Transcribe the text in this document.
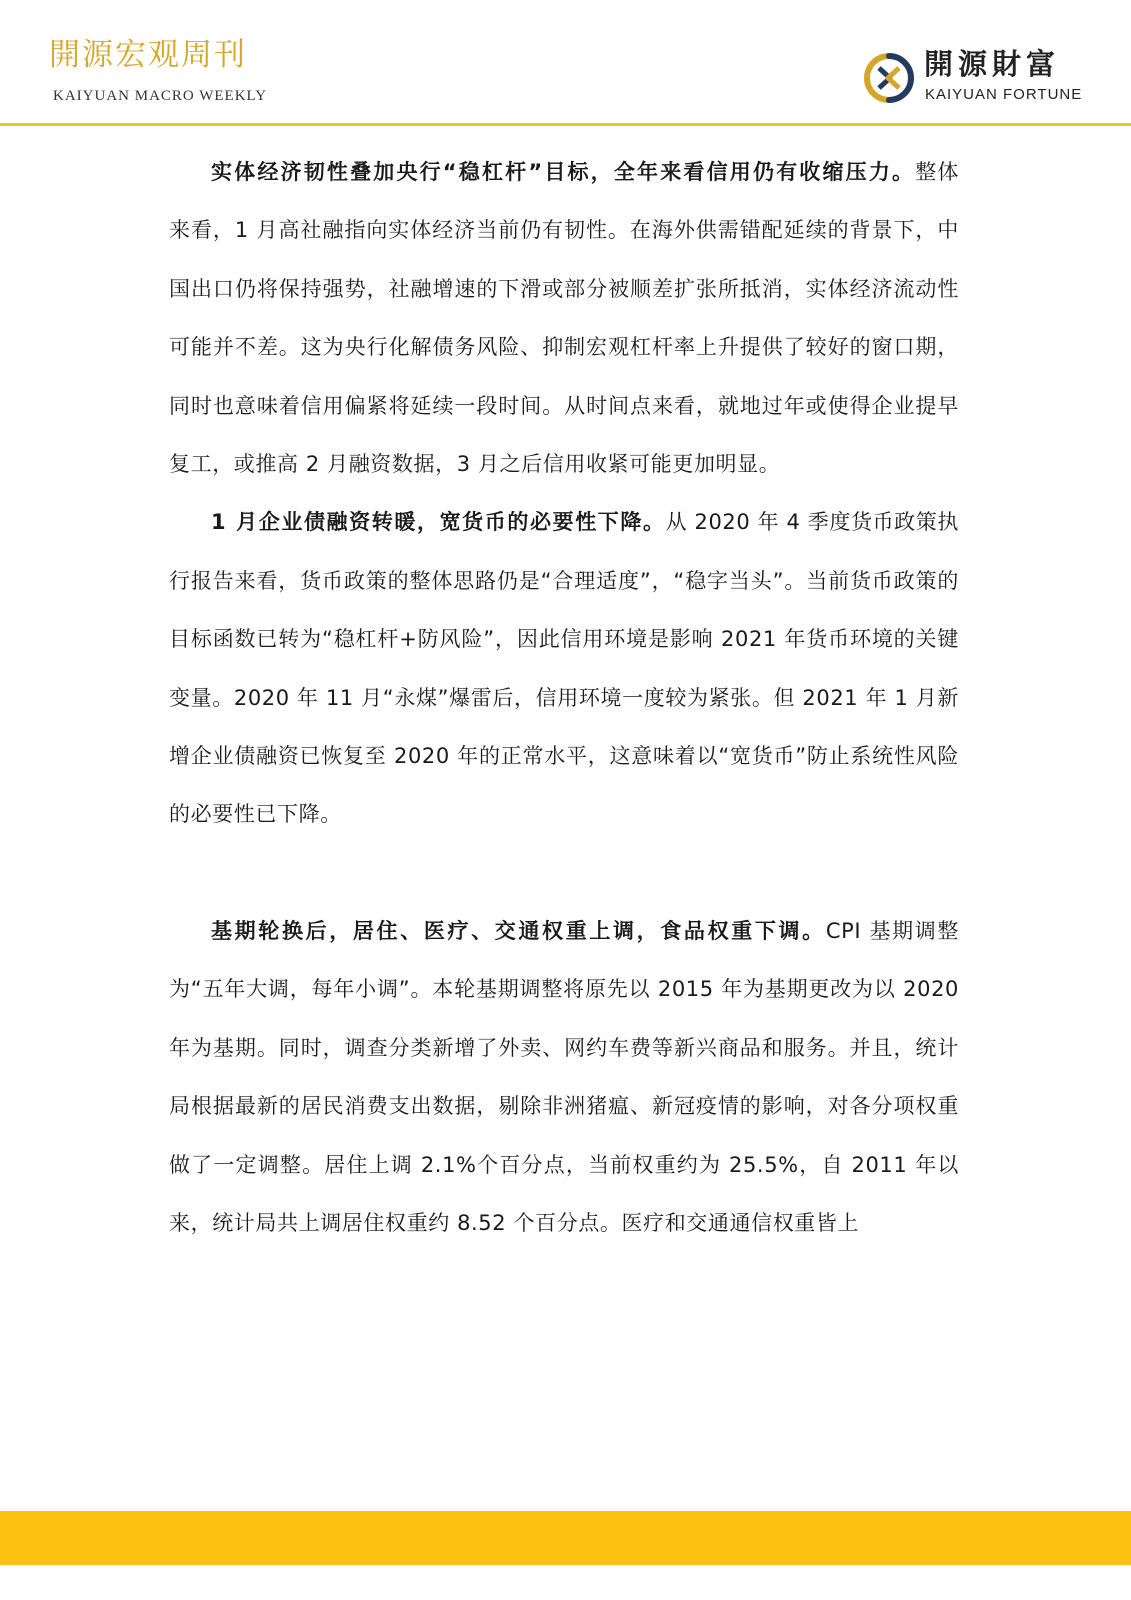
開源宏观周刊

KAIYUAN MACRO WEEKLY

開源財富

KAIYUAN FORTUNE

实体经济韧性叠加央行“稳杠杆”目标，全年来看信用仍有收缩压力。整体来看，1 月高社融指向实体经济当前仍有韧性。在海外供需错配延续的背景下，中国出口仍将保持强势，社融增速的下滑或部分被顺差扩张所抵消，实体经济流动性可能并不差。这为央行化解债务风险、抑制宏观杠杆率上升提供了较好的窗口期，同时也意味着信用偏紧将延续一段时间。从时间点来看，就地过年或使得企业提早复工，或推高 2 月融资数据，3 月之后信用收紧可能更加明显。

1 月企业债融资转暖，宽货币的必要性下降。从 2020 年 4 季度货币政策执行报告来看，货币政策的整体思路仍是“合理适度”，“稳字当头”。当前货币政策的目标函数已转为“稳杠杆+防风险”，因此信用环境是影响 2021 年货币环境的关键变量。2020 年 11 月“永煤”爆雷后，信用环境一度较为紧张。但 2021 年 1 月新增企业债融资已恢复至 2020 年的正常水平，这意味着以“宽货币”防止系统性风险的必要性已下降。

基期轮换后，居住、医疗、交通权重上调，食品权重下调。CPI 基期调整为“五年大调，每年小调”。本轮基期调整将原先以 2015 年为基期更改为以 2020 年为基期。同时，调查分类新增了外卖、网约车费等新兴商品和服务。并且，统计局根据最新的居民消费支出数据，剔除非洲猪瘟、新冠疫情的影响，对各分项权重做了一定调整。居住上调 2.1%个百分点，当前权重约为 25.5%，自 2011 年以来，统计局共上调居住权重约 8.52 个百分点。医疗和交通通信权重皆上
